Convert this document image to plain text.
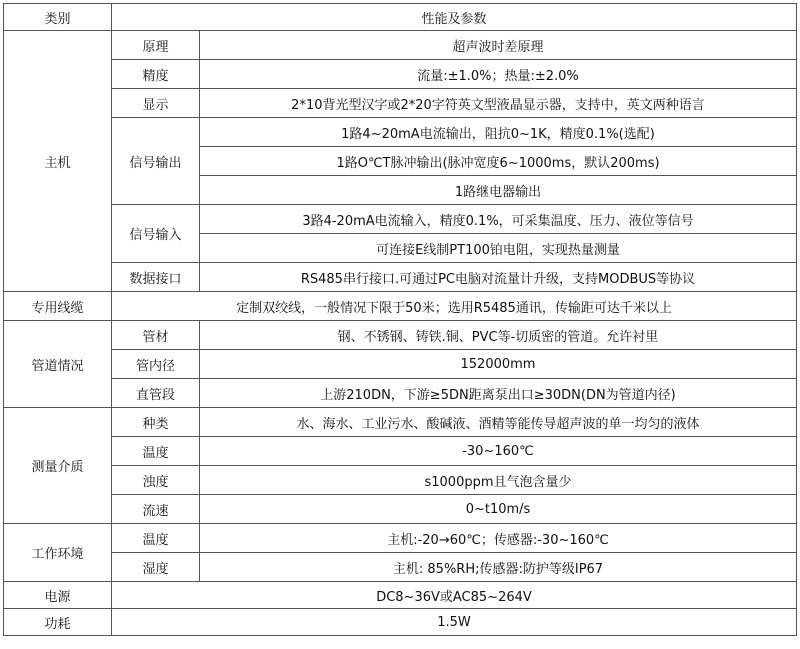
类别	性能及参数	
主机	原理	超声波时差原理
	精度	流量:±1.0%；热量:±2.0%
	显示	2*10背光型汉字或2*20字符英文型液晶显示器，支持中，英文两种语言
	信号输出	1路4~20mA电流输出，阻抗0~1K，精度0.1%(选配)
		1路O℃T脉冲输出(脉冲宽度6~1000ms，默认200ms)
		1路继电器输出
	信号输入	3路4-20mA电流输入，精度0.1%，可采集温度、压力、液位等信号
		可连接E线制PT100铂电阻，实现热量测量
	数据接口	RS485串行接口.可通过PC电脑对流量计升级，支持MODBUS等协议
专用线缆	定制双绞线，一般情况下限于50米；选用R5485通讯，传输距可达千米以上	
管道情况	管材	钢、不锈钢、铸铁.铜、PVC等-切质密的管道。允许衬里
	管内径	152000mm
	直管段	上游210DN，下游≥5DN距离泵出口≥30DN(DN为管道内径)
测量介质	种类	水、海水、工业污水、酸碱液、酒精等能传导超声波的单一均匀的液体
	温度	-30~160℃
	浊度	s1000ppm且气泡含量少
	流速	0~t10m/s
工作环境	温度	主机:-20→60℃；传感器:-30~160℃
	湿度	主机: 85%RH;传感器:防护等级IP67
电源	DC8~36V或AC85~264V	
功耗	1.5W	
